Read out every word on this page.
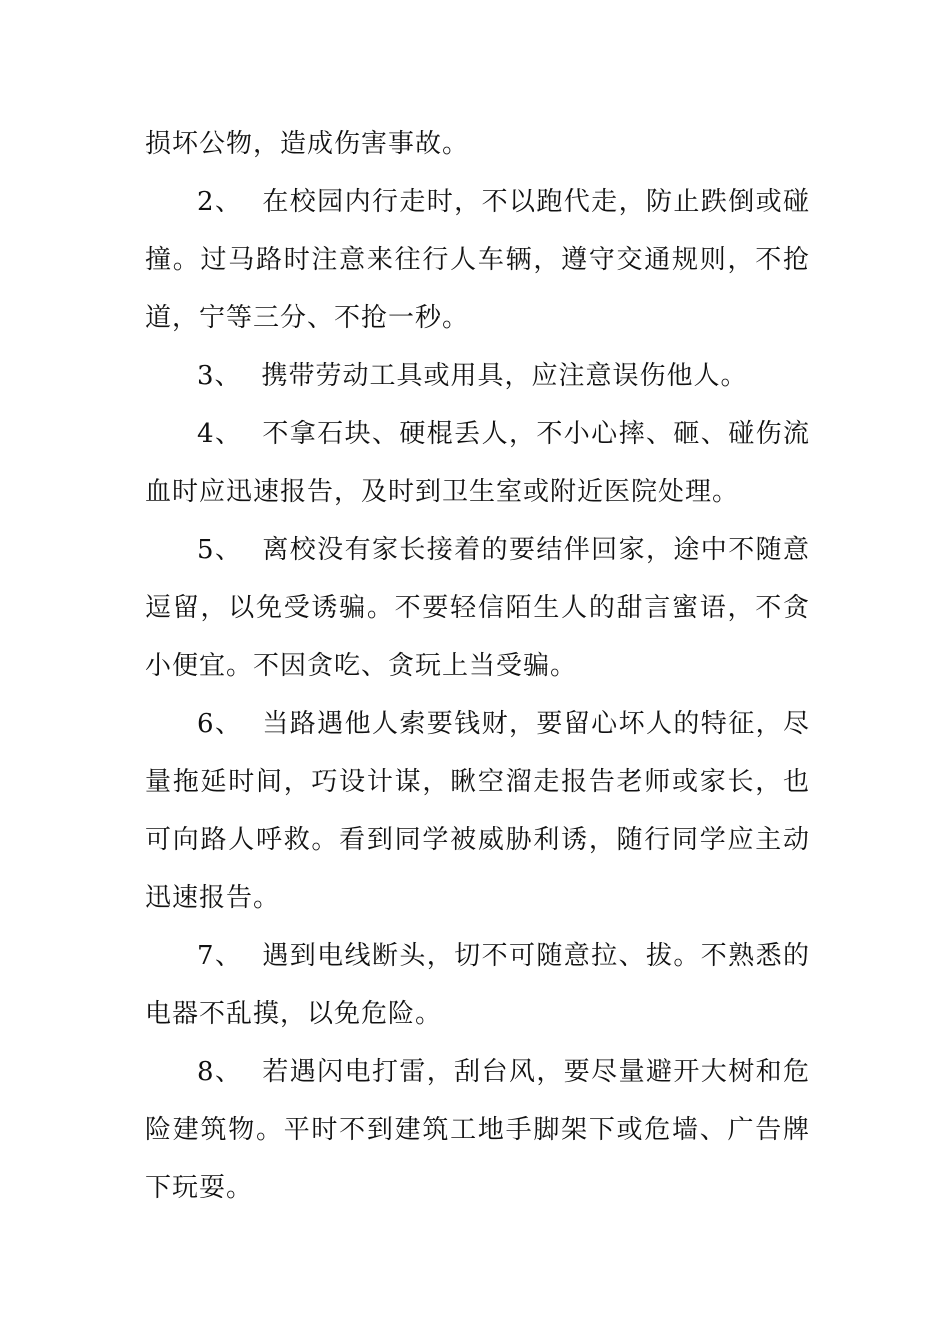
损坏公物，造成伤害事故。

2、 在校园内行走时，不以跑代走，防止跌倒或碰撞。过马路时注意来往行人车辆，遵守交通规则，不抢道，宁等三分、不抢一秒。

3、 携带劳动工具或用具，应注意误伤他人。

4、 不拿石块、硬棍丢人，不小心摔、砸、碰伤流血时应迅速报告，及时到卫生室或附近医院处理。

5、 离校没有家长接着的要结伴回家，途中不随意逗留，以免受诱骗。不要轻信陌生人的甜言蜜语，不贪小便宜。不因贪吃、贪玩上当受骗。

6、 当路遇他人索要钱财，要留心坏人的特征，尽量拖延时间，巧设计谋，瞅空溜走报告老师或家长，也可向路人呼救。看到同学被威胁利诱，随行同学应主动迅速报告。

7、 遇到电线断头，切不可随意拉、拔。不熟悉的电器不乱摸，以免危险。

8、 若遇闪电打雷，刮台风，要尽量避开大树和危险建筑物。平时不到建筑工地手脚架下或危墙、广告牌下玩耍。
